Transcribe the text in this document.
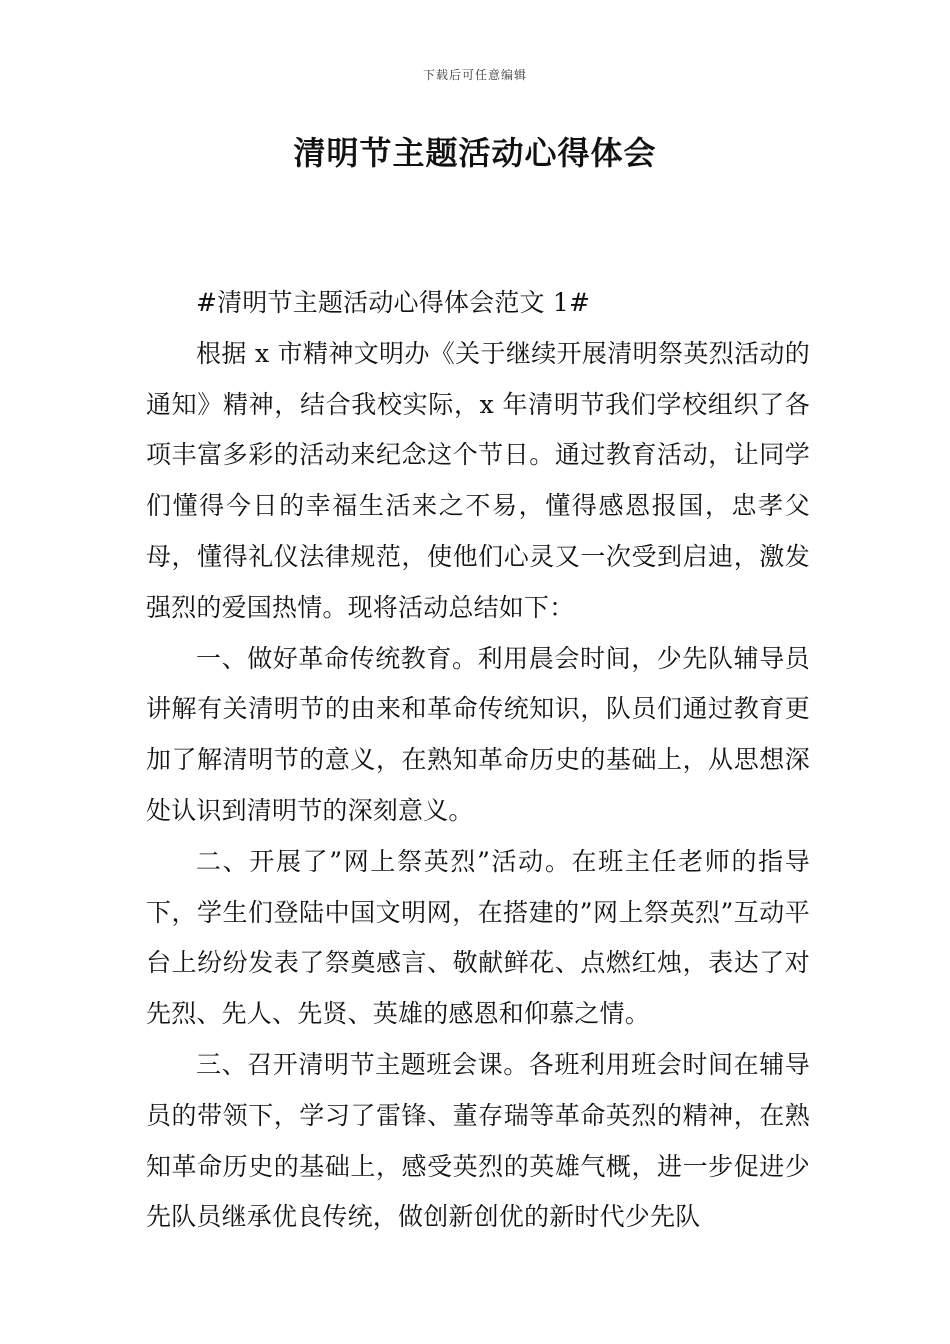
下载后可任意编辑
清明节主题活动心得体会

#清明节主题活动心得体会范文 1#

根据 x 市精神文明办《关于继续开展清明祭英烈活动的通知》精神，结合我校实际，x 年清明节我们学校组织了各项丰富多彩的活动来纪念这个节日。通过教育活动，让同学们懂得今日的幸福生活来之不易，懂得感恩报国，忠孝父母，懂得礼仪法律规范，使他们心灵又一次受到启迪，激发强烈的爱国热情。现将活动总结如下：

一、做好革命传统教育。利用晨会时间，少先队辅导员讲解有关清明节的由来和革命传统知识，队员们通过教育更加了解清明节的意义，在熟知革命历史的基础上，从思想深处认识到清明节的深刻意义。

二、开展了”网上祭英烈”活动。在班主任老师的指导下，学生们登陆中国文明网，在搭建的”网上祭英烈”互动平台上纷纷发表了祭奠感言、敬献鲜花、点燃红烛，表达了对先烈、先人、先贤、英雄的感恩和仰慕之情。

三、召开清明节主题班会课。各班利用班会时间在辅导员的带领下，学习了雷锋、董存瑞等革命英烈的精神，在熟知革命历史的基础上，感受英烈的英雄气概，进一步促进少先队员继承优良传统，做创新创优的新时代少先队
